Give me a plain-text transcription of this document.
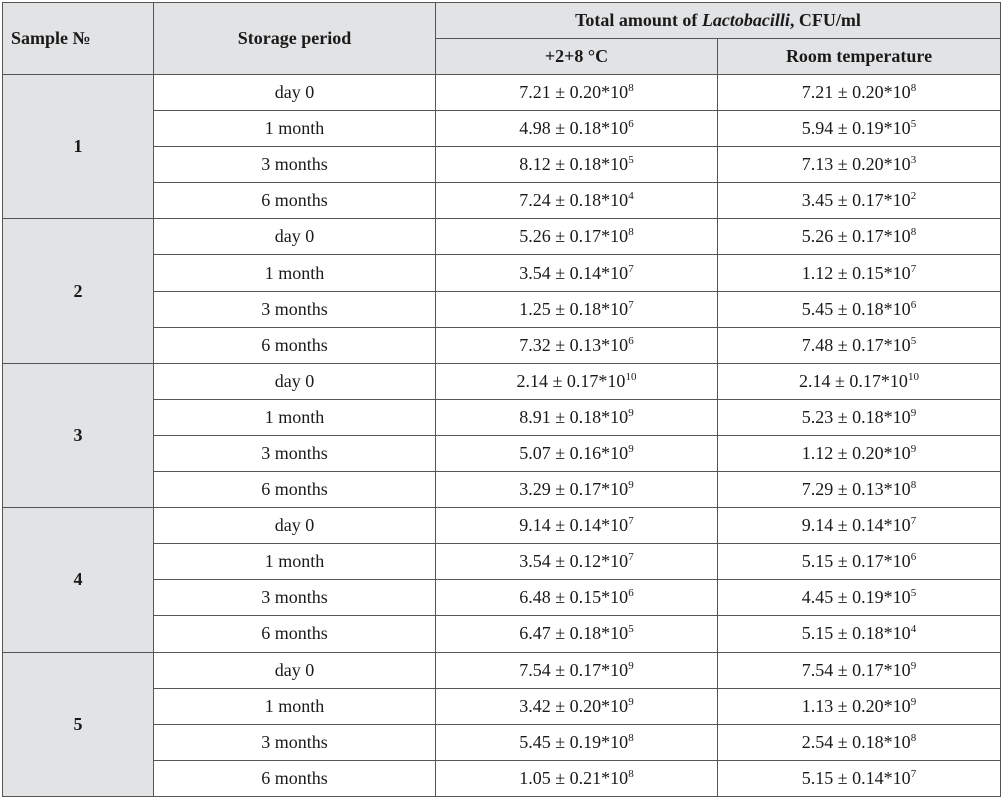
Sample №	Storage period	Total amount of Lactobacilli, CFU/ml	
		+2+8 °C	Room temperature
1	day 0	$7.21 \pm 0.20*10^8$	$7.21 \pm 0.20*10^8$
	1 month	$4.98 \pm 0.18*10^6$	$5.94 \pm 0.19*10^5$
	3 months	$8.12 \pm 0.18*10^5$	$7.13 \pm 0.20*10^3$
	6 months	$7.24 \pm 0.18*10^4$	$3.45 \pm 0.17*10^2$
2	day 0	$5.26 \pm 0.17*10^8$	$5.26 \pm 0.17*10^8$
	1 month	$3.54 \pm 0.14*10^7$	$1.12 \pm 0.15*10^7$
	3 months	$1.25 \pm 0.18*10^7$	$5.45 \pm 0.18*10^6$
	6 months	$7.32 \pm 0.13*10^6$	$7.48 \pm 0.17*10^5$
3	day 0	$2.14 \pm 0.17*10^{10}$	$2.14 \pm 0.17*10^{10}$
	1 month	$8.91 \pm 0.18*10^9$	$5.23 \pm 0.18*10^9$
	3 months	$5.07 \pm 0.16*10^9$	$1.12 \pm 0.20*10^9$
	6 months	$3.29 \pm 0.17*10^9$	$7.29 \pm 0.13*10^8$
4	day 0	$9.14 \pm 0.14*10^7$	$9.14 \pm 0.14*10^7$
	1 month	$3.54 \pm 0.12*10^7$	$5.15 \pm 0.17*10^6$
	3 months	$6.48 \pm 0.15*10^6$	$4.45 \pm 0.19*10^5$
	6 months	$6.47 \pm 0.18*10^5$	$5.15 \pm 0.18*10^4$
5	day 0	$7.54 \pm 0.17*10^9$	$7.54 \pm 0.17*10^9$
	1 month	$3.42 \pm 0.20*10^9$	$1.13 \pm 0.20*10^9$
	3 months	$5.45 \pm 0.19*10^8$	$2.54 \pm 0.18*10^8$
	6 months	$1.05 \pm 0.21*10^8$	$5.15 \pm 0.14*10^7$
